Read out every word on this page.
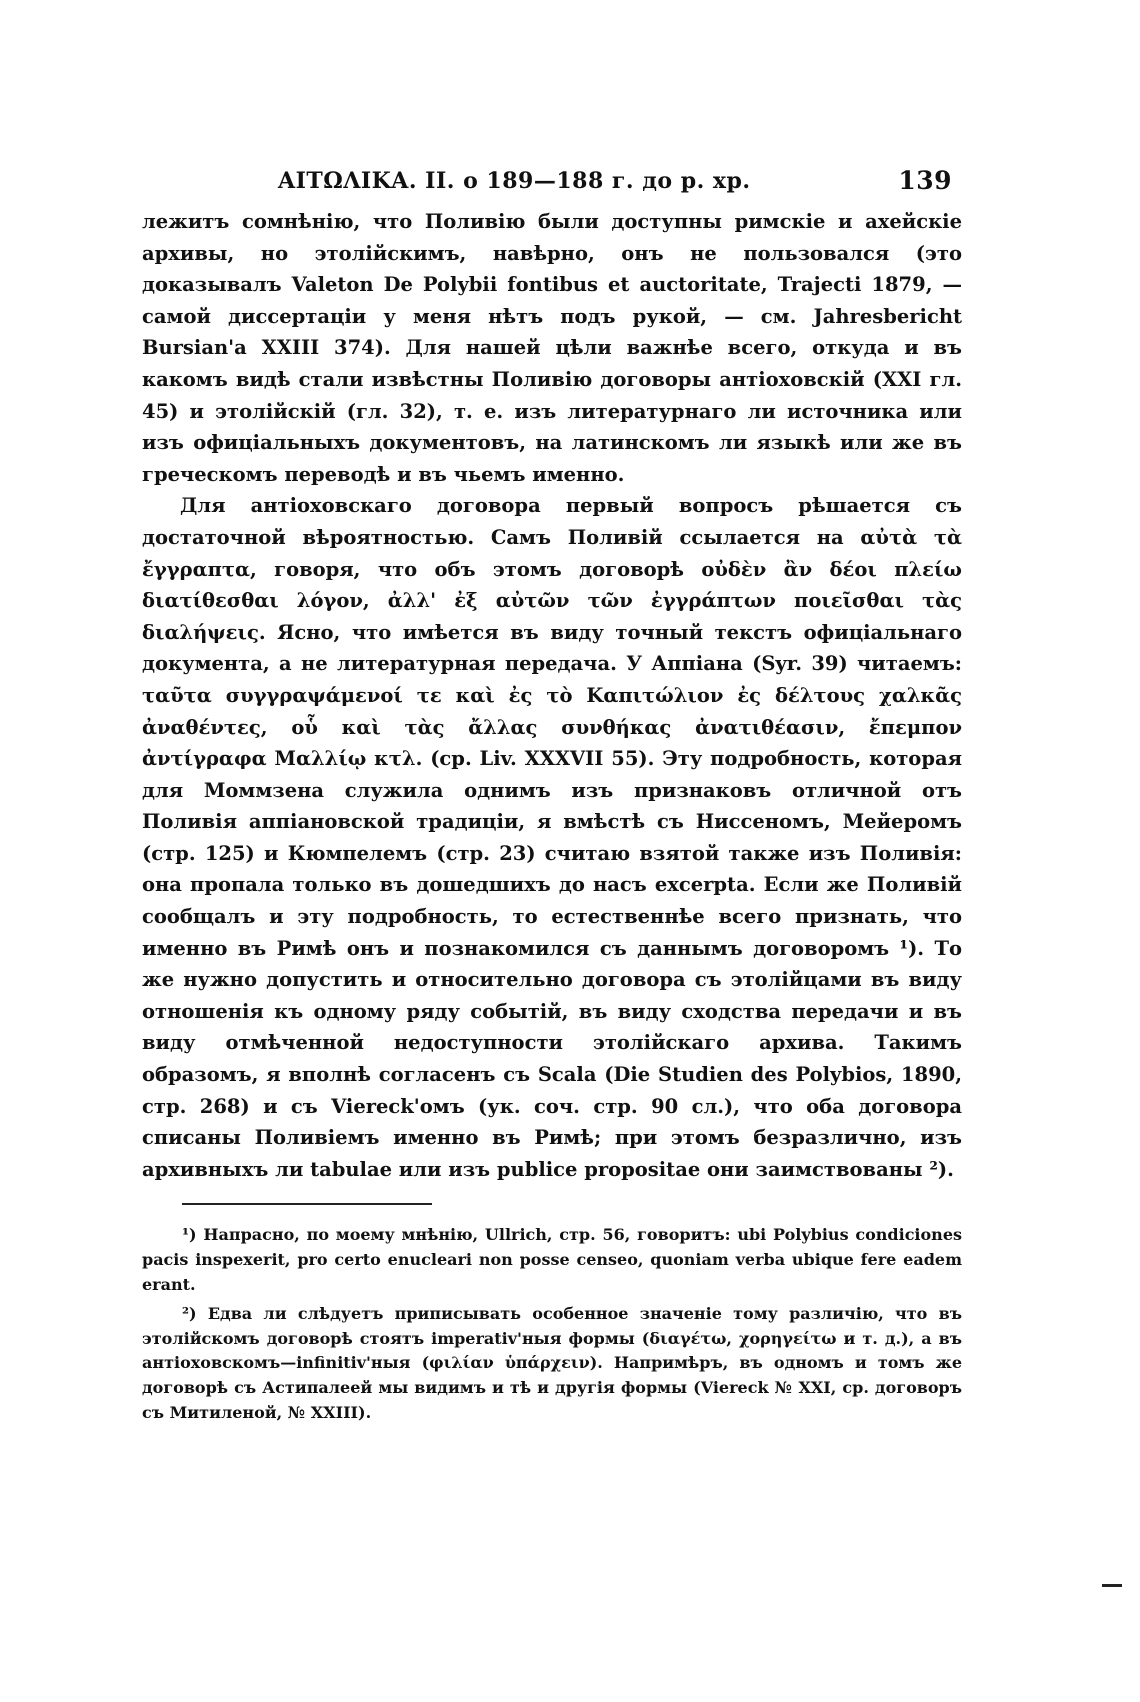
ΑΙΤΩΛΙΚΑ. II. ο 189—188 г. до р. хр.	139

лежитъ сомнѣнію, что Поливію были доступны римскіе и ахейскіе архивы, но этолійскимъ, навѣрно, онъ не пользовался (это доказывалъ Valeton De Polybii fontibus et auctoritate, Trajecti 1879, — самой диссертаціи у меня нѣтъ подъ рукой, — см. Jahresbericht Bursian'a XXIII 374). Для нашей цѣли важнѣе всего, откуда и въ какомъ видѣ стали извѣстны Поливію договоры антіоховскій (XXI гл. 45) и этолійскій (гл. 32), т. е. изъ литературнаго ли источника или изъ офиціальныхъ документовъ, на латинскомъ ли языкѣ или же въ греческомъ переводѣ и въ чьемъ именно.

Для антіоховскаго договора первый вопросъ рѣшается съ достаточной вѣроятностью. Самъ Поливій ссылается на αὐτὰ τὰ ἔγγραπτα, говоря, что объ этомъ договорѣ οὐδὲν ἂν δέοι πλείω διατίθεσθαι λόγον, ἀλλ' ἐξ αὐτῶν τῶν ἐγγράπτων ποιεῖσθαι τὰς διαλήψεις. Ясно, что имѣется въ виду точный текстъ офиціальнаго документа, а не литературная передача. У Аппіана (Syr. 39) читаемъ: ταῦτα συγγραψάμενοί τε καὶ ἐς τὸ Καπιτώλιον ἐς δέλτους χαλκᾶς ἀναθέντες, οὗ καὶ τὰς ἄλλας συνθήκας ἀνατιθέασιν, ἔπεμπον ἀντίγραφα Μαλλίῳ κτλ. (ср. Liv. XXXVII 55). Эту подробность, которая для Моммзена служила однимъ изъ признаковъ отличной отъ Поливія аппіановской традиціи, я вмѣстѣ съ Нисcеномъ, Мейеромъ (стр. 125) и Кюмпелемъ (стр. 23) считаю взятой также изъ Поливія: она пропала только въ дошедшихъ до насъ excerpta. Если же Поливій сообщалъ и эту подробность, то естественнѣе всего признать, что именно въ Римѣ онъ и познакомился съ даннымъ договоромъ ¹). То же нужно допустить и относительно договора съ этолійцами въ виду отношенія къ одному ряду событій, въ виду сходства передачи и въ виду отмѣченной недоступности этолійскаго архива. Такимъ образомъ, я вполнѣ согласенъ съ Scala (Die Studien des Polybios, 1890, стр. 268) и съ Viereck'омъ (ук. соч. стр. 90 сл.), что оба договора списаны Поливіемъ именно въ Римѣ; при этомъ безразлично, изъ архивныхъ ли tabulae или изъ publice propositae они заимствованы ²).

¹) Напрасно, по моему мнѣнію, Ullrich, стр. 56, говоритъ: ubi Polybius condiciones pacis inspexerit, pro certo enucleari non posse censeo, quoniam verba ubique fere eadem erant.

²) Едва ли слѣдуетъ приписывать особенное значеніе тому различію, что въ этолійскомъ договорѣ стоятъ imperativ'ныя формы (διαγέτω, χορηγείτω и т. д.), а въ антіоховскомъ—infinitiv'ныя (φιλίαν ὑπάρχειν). Напримѣръ, въ одномъ и томъ же договорѣ съ Астипалеей мы видимъ и тѣ и другія формы (Viereck № XXI, ср. договоръ съ Митиленой, № XXIII).
